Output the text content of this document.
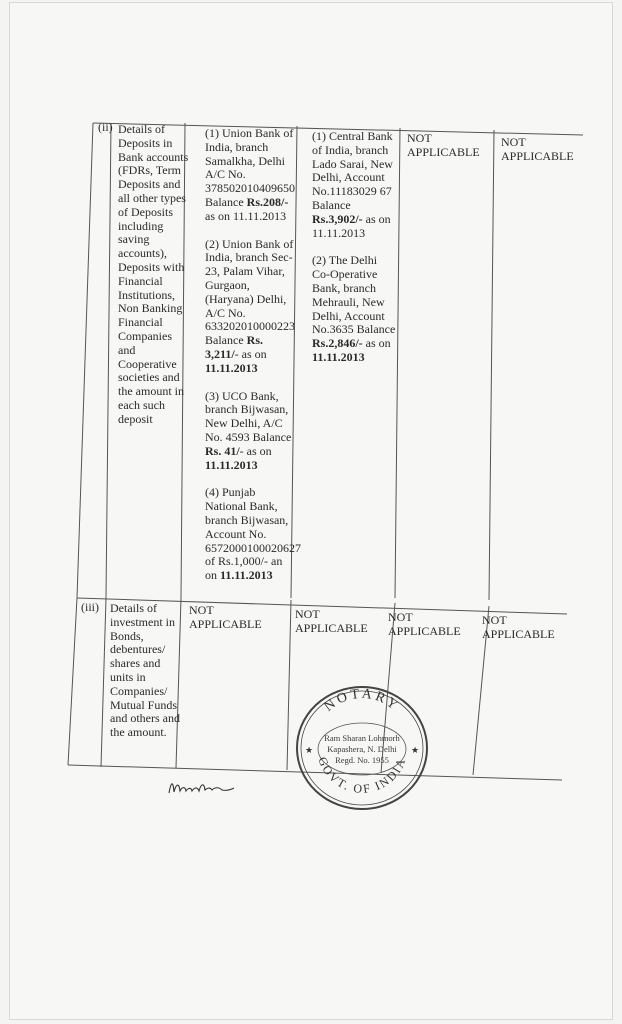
(ii) Details of Deposits in Bank accounts (FDRs, Term Deposits and all other types of Deposits including saving accounts), Deposits with Financial Institutions, Non Banking Financial Companies and Cooperative societies and the amount in each such deposit
(1) Union Bank of India, branch Samalkha, Delhi A/C No. 378502010409650 Balance Rs.208/- as on 11.11.2013
(2) Union Bank of India, branch Sec-23, Palam Vihar, Gurgaon, (Haryana) Delhi, A/C No. 633202010000223 Balance Rs. 3,211/- as on 11.11.2013
(3) UCO Bank, branch Bijwasan, New Delhi, A/C No. 4593 Balance Rs. 41/- as on 11.11.2013
(4) Punjab National Bank, branch Bijwasan, Account No. 6572000100020627 of Rs.1,000/- an on 11.11.2013
(1) Central Bank of India, branch Lado Sarai, New Delhi, Account No.11183029 67 Balance Rs.3,902/- as on 11.11.2013
(2) The Delhi Co-Operative Bank, branch Mehrauli, New Delhi, Account No.3635 Balance Rs.2,846/- as on 11.11.2013
NOT APPLICABLE
NOT APPLICABLE
(iii) Details of investment in Bonds, debentures/ shares and units in Companies/ Mutual Funds and others and the amount.
NOT APPLICABLE
NOT APPLICABLE
NOT APPLICABLE
NOT APPLICABLE
NOTARY
GOVT. OF INDIA
★	★
Ram Sharan Lohmorh
Kapashera, N. Delhi
Regd. No. 1955
